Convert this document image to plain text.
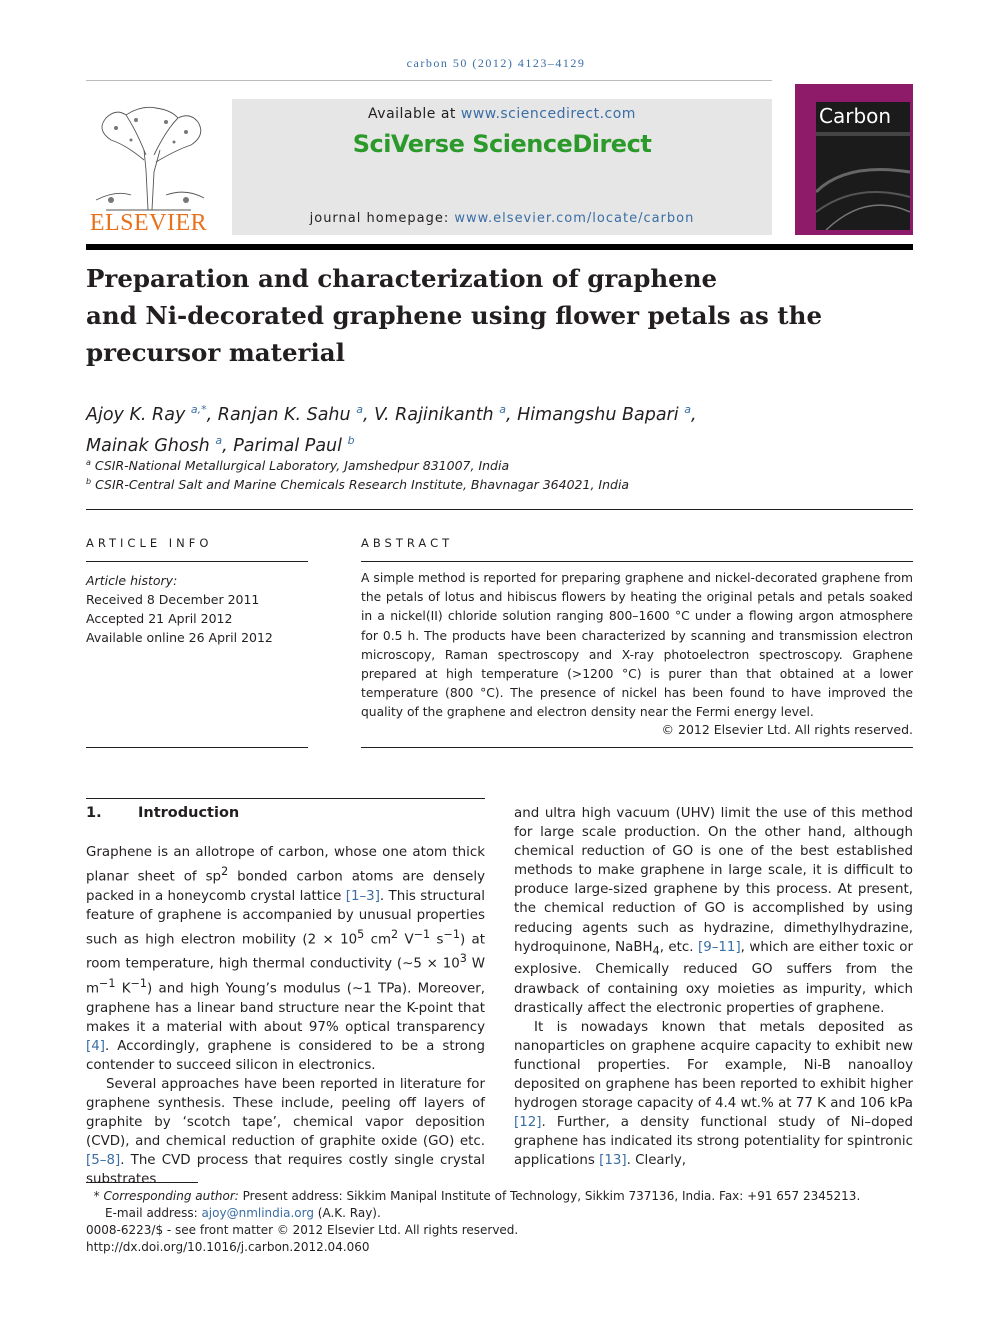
carbon 50 (2012) 4123–4129
ELSEVIER
Available at www.sciencedirect.com
SciVerse ScienceDirect
journal homepage: www.elsevier.com/locate/carbon
Carbon
Preparation and characterization of graphene
and Ni-decorated graphene using flower petals as the
precursor material
Ajoy K. Ray $^{a,*}$, Ranjan K. Sahu $^a$, V. Rajinikanth $^a$, Himangshu Bapari $^a$,
Mainak Ghosh $^a$, Parimal Paul $^b$
$^a$ CSIR-National Metallurgical Laboratory, Jamshedpur 831007, India
$^b$ CSIR-Central Salt and Marine Chemicals Research Institute, Bhavnagar 364021, India
ARTICLE INFO	ABSTRACT
Article history:
Received 8 December 2011
Accepted 21 April 2012
Available online 26 April 2012
A simple method is reported for preparing graphene and nickel-decorated graphene from the petals of lotus and hibiscus flowers by heating the original petals and petals soaked in a nickel(II) chloride solution ranging 800–1600 °C under a flowing argon atmosphere for 0.5 h. The products have been characterized by scanning and transmission electron microscopy, Raman spectroscopy and X-ray photoelectron spectroscopy. Graphene prepared at high temperature (>1200 °C) is purer than that obtained at a lower temperature (800 °C). The presence of nickel has been found to have improved the quality of the graphene and electron density near the Fermi energy level.
© 2012 Elsevier Ltd. All rights reserved.
1.	Introduction

Graphene is an allotrope of carbon, whose one atom thick planar sheet of $sp^2$ bonded carbon atoms are densely packed in a honeycomb crystal lattice [1–3]. This structural feature of graphene is accompanied by unusual properties such as high electron mobility ($2 \times 10^5$ $cm^2$ $V^{-1}$ $s^{-1}$) at room temperature, high thermal conductivity (∼5 × $10^3$ W $m^{-1}$ $K^{-1}$) and high Young’s modulus (∼1 TPa). Moreover, graphene has a linear band structure near the K-point that makes it a material with about 97% optical transparency [4]. Accordingly, graphene is considered to be a strong contender to succeed silicon in electronics.

Several approaches have been reported in literature for graphene synthesis. These include, peeling off layers of graphite by ‘scotch tape’, chemical vapor deposition (CVD), and chemical reduction of graphite oxide (GO) etc. [5–8]. The CVD process that requires costly single crystal substrates

and ultra high vacuum (UHV) limit the use of this method for large scale production. On the other hand, although chemical reduction of GO is one of the best established methods to make graphene in large scale, it is difficult to produce large-sized graphene by this process. At present, the chemical reduction of GO is accomplished by using reducing agents such as hydrazine, dimethylhydrazine, hydroquinone, NaBH$_4$, etc. [9–11], which are either toxic or explosive. Chemically reduced GO suffers from the drawback of containing oxy moieties as impurity, which drastically affect the electronic properties of graphene.

It is nowadays known that metals deposited as nanoparticles on graphene acquire capacity to exhibit new functional properties. For example, Ni-B nanoalloy deposited on graphene has been reported to exhibit higher hydrogen storage capacity of 4.4 wt.% at 77 K and 106 kPa [12]. Further, a density functional study of Ni–doped graphene has indicated its strong potentiality for spintronic applications [13]. Clearly,

* Corresponding author: Present address: Sikkim Manipal Institute of Technology, Sikkim 737136, India. Fax: +91 657 2345213.
E-mail address: ajoy@nmlindia.org (A.K. Ray).
0008-6223/$ - see front matter © 2012 Elsevier Ltd. All rights reserved.
http://dx.doi.org/10.1016/j.carbon.2012.04.060
